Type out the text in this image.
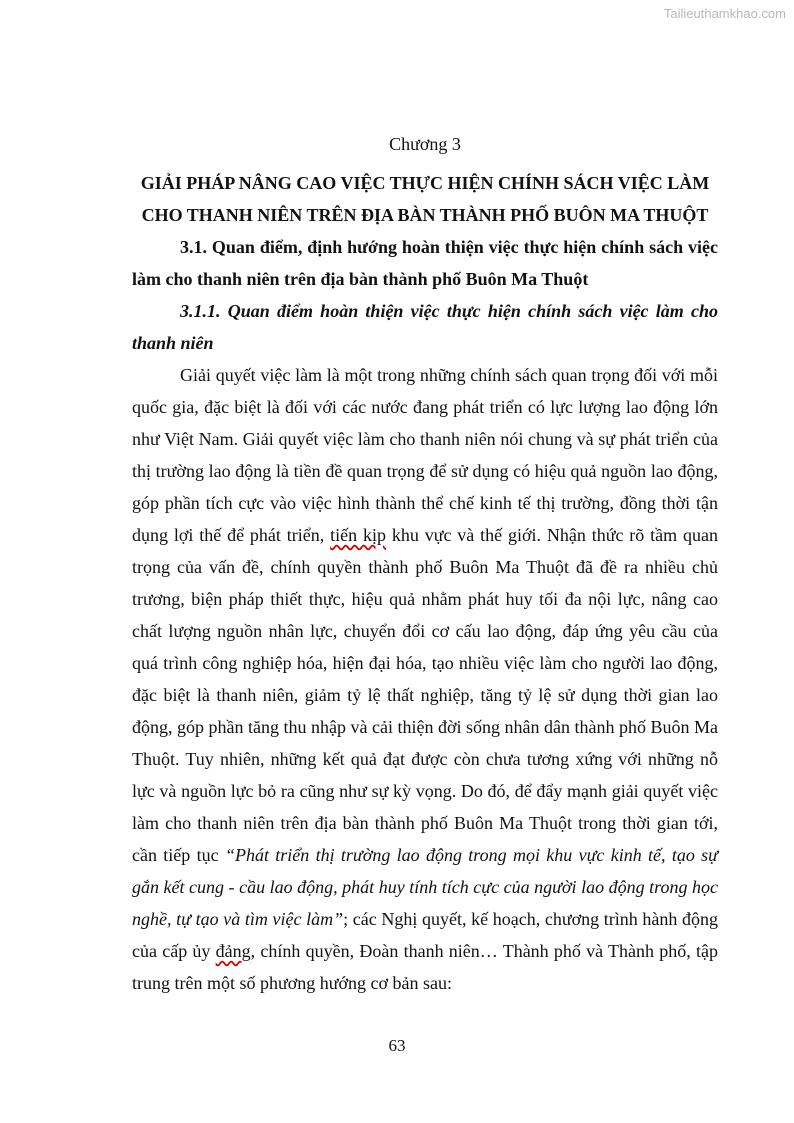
Tailieuthamkhao.com

Chương 3

GIẢI PHÁP NÂNG CAO VIỆC THỰC HIỆN CHÍNH SÁCH VIỆC LÀM
CHO THANH NIÊN TRÊN ĐỊA BÀN THÀNH PHỐ BUÔN MA THUỘT
3.1. Quan điểm, định hướng hoàn thiện việc thực hiện chính sách việc làm cho thanh niên trên địa bàn thành phố Buôn Ma Thuột
3.1.1. Quan điểm hoàn thiện việc thực hiện chính sách việc làm cho thanh niên

Giải quyết việc làm là một trong những chính sách quan trọng đối với mỗi quốc gia, đặc biệt là đối với các nước đang phát triển có lực lượng lao động lớn như Việt Nam. Giải quyết việc làm cho thanh niên nói chung và sự phát triển của thị trường lao động là tiền đề quan trọng để sử dụng có hiệu quả nguồn lao động, góp phần tích cực vào việc hình thành thể chế kinh tế thị trường, đồng thời tận dụng lợi thế để phát triển, tiến kịp khu vực và thế giới. Nhận thức rõ tầm quan trọng của vấn đề, chính quyền thành phố Buôn Ma Thuột đã đề ra nhiều chủ trương, biện pháp thiết thực, hiệu quả nhằm phát huy tối đa nội lực, nâng cao chất lượng nguồn nhân lực, chuyển đổi cơ cấu lao động, đáp ứng yêu cầu của quá trình công nghiệp hóa, hiện đại hóa, tạo nhiều việc làm cho người lao động, đặc biệt là thanh niên, giảm tỷ lệ thất nghiệp, tăng tỷ lệ sử dụng thời gian lao động, góp phần tăng thu nhập và cải thiện đời sống nhân dân thành phố Buôn Ma Thuột. Tuy nhiên, những kết quả đạt được còn chưa tương xứng với những nỗ lực và nguồn lực bỏ ra cũng như sự kỳ vọng. Do đó, để đẩy mạnh giải quyết việc làm cho thanh niên trên địa bàn thành phố Buôn Ma Thuột trong thời gian tới, cần tiếp tục “Phát triển thị trường lao động trong mọi khu vực kinh tế, tạo sự gắn kết cung - cầu lao động, phát huy tính tích cực của người lao động trong học nghề, tự tạo và tìm việc làm”; các Nghị quyết, kế hoạch, chương trình hành động của cấp ủy đảng, chính quyền, Đoàn thanh niên… Thành phố và Thành phố, tập trung trên một số phương hướng cơ bản sau:

63
